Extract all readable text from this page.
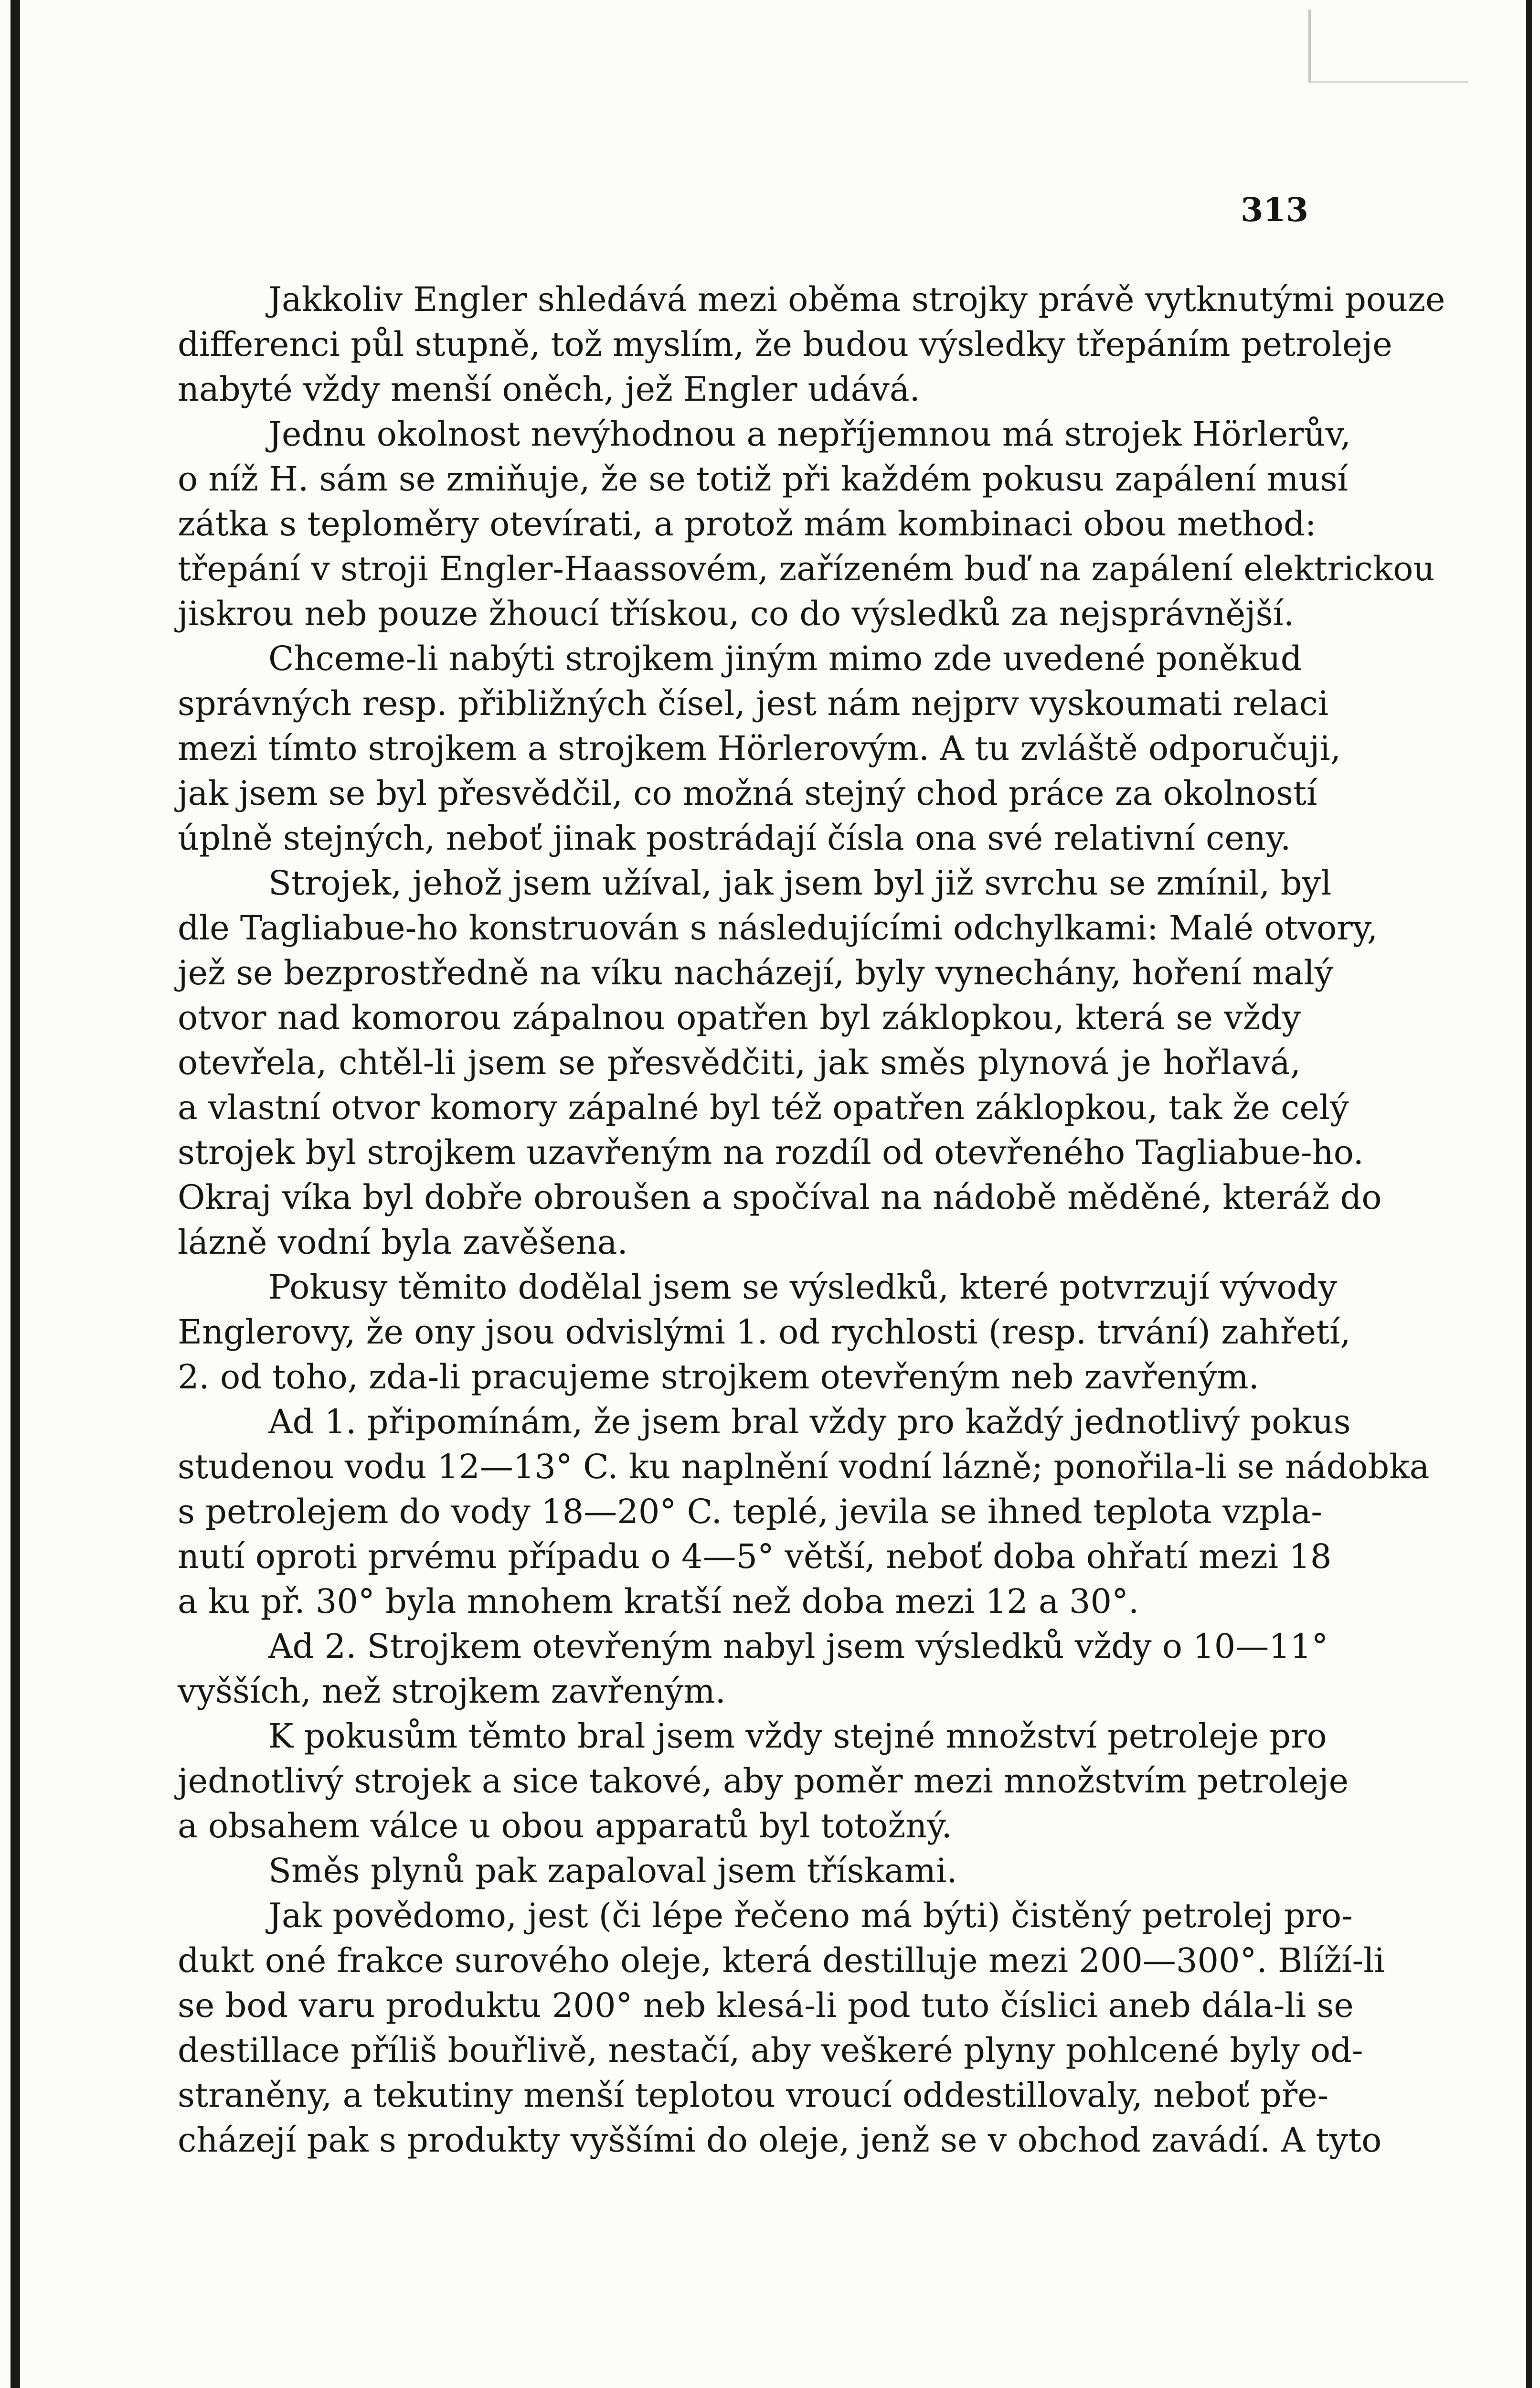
313
Jakkoliv Engler shledává mezi oběma strojky právě vytknutými pouze
differenci půl stupně, tož myslím, že budou výsledky třepáním petroleje
nabyté vždy menší oněch, jež Engler udává.
Jednu okolnost nevýhodnou a nepříjemnou má strojek Hörlerův,
o níž H. sám se zmiňuje, že se totiž při každém pokusu zapálení musí
zátka s teploměry otevírati, a protož mám kombinaci obou method:
třepání v stroji Engler-Haassovém, zařízeném buď na zapálení elektrickou
jiskrou neb pouze žhoucí třískou, co do výsledků za nejsprávnější.
Chceme-li nabýti strojkem jiným mimo zde uvedené poněkud
správných resp. přibližných čísel, jest nám nejprv vyskoumati relaci
mezi tímto strojkem a strojkem Hörlerovým. A tu zvláště odporučuji,
jak jsem se byl přesvědčil, co možná stejný chod práce za okolností
úplně stejných, neboť jinak postrádají čísla ona své relativní ceny.
Strojek, jehož jsem užíval, jak jsem byl již svrchu se zmínil, byl
dle Tagliabue-ho konstruován s následujícími odchylkami: Malé otvory,
jež se bezprostředně na víku nacházejí, byly vynechány, hoření malý
otvor nad komorou zápalnou opatřen byl záklopkou, která se vždy
otevřela, chtěl-li jsem se přesvědčiti, jak směs plynová je hořlavá,
a vlastní otvor komory zápalné byl též opatřen záklopkou, tak že celý
strojek byl strojkem uzavřeným na rozdíl od otevřeného Tagliabue-ho.
Okraj víka byl dobře obroušen a spočíval na nádobě měděné, kteráž do
lázně vodní byla zavěšena.
Pokusy těmito dodělal jsem se výsledků, které potvrzují vývody
Englerovy, že ony jsou odvislými 1. od rychlosti (resp. trvání) zahřetí,
2. od toho, zda-li pracujeme strojkem otevřeným neb zavřeným.
Ad 1. připomínám, že jsem bral vždy pro každý jednotlivý pokus
studenou vodu 12—13° C. ku naplnění vodní lázně; ponořila-li se nádobka
s petrolejem do vody 18—20° C. teplé, jevila se ihned teplota vzpla-
nutí oproti prvému případu o 4—5° větší, neboť doba ohřatí mezi 18
a ku př. 30° byla mnohem kratší než doba mezi 12 a 30°.
Ad 2. Strojkem otevřeným nabyl jsem výsledků vždy o 10—11°
vyšších, než strojkem zavřeným.
K pokusům těmto bral jsem vždy stejné množství petroleje pro
jednotlivý strojek a sice takové, aby poměr mezi množstvím petroleje
a obsahem válce u obou apparatů byl totožný.
Směs plynů pak zapaloval jsem třískami.
Jak povědomo, jest (či lépe řečeno má býti) čistěný petrolej pro-
dukt oné frakce surového oleje, která destilluje mezi 200—300°. Blíží-li
se bod varu produktu 200° neb klesá-li pod tuto číslici aneb dála-li se
destillace příliš bouřlivě, nestačí, aby veškeré plyny pohlcené byly od-
straněny, a tekutiny menší teplotou vroucí oddestillovaly, neboť pře-
cházejí pak s produkty vyššími do oleje, jenž se v obchod zavádí. A tyto
